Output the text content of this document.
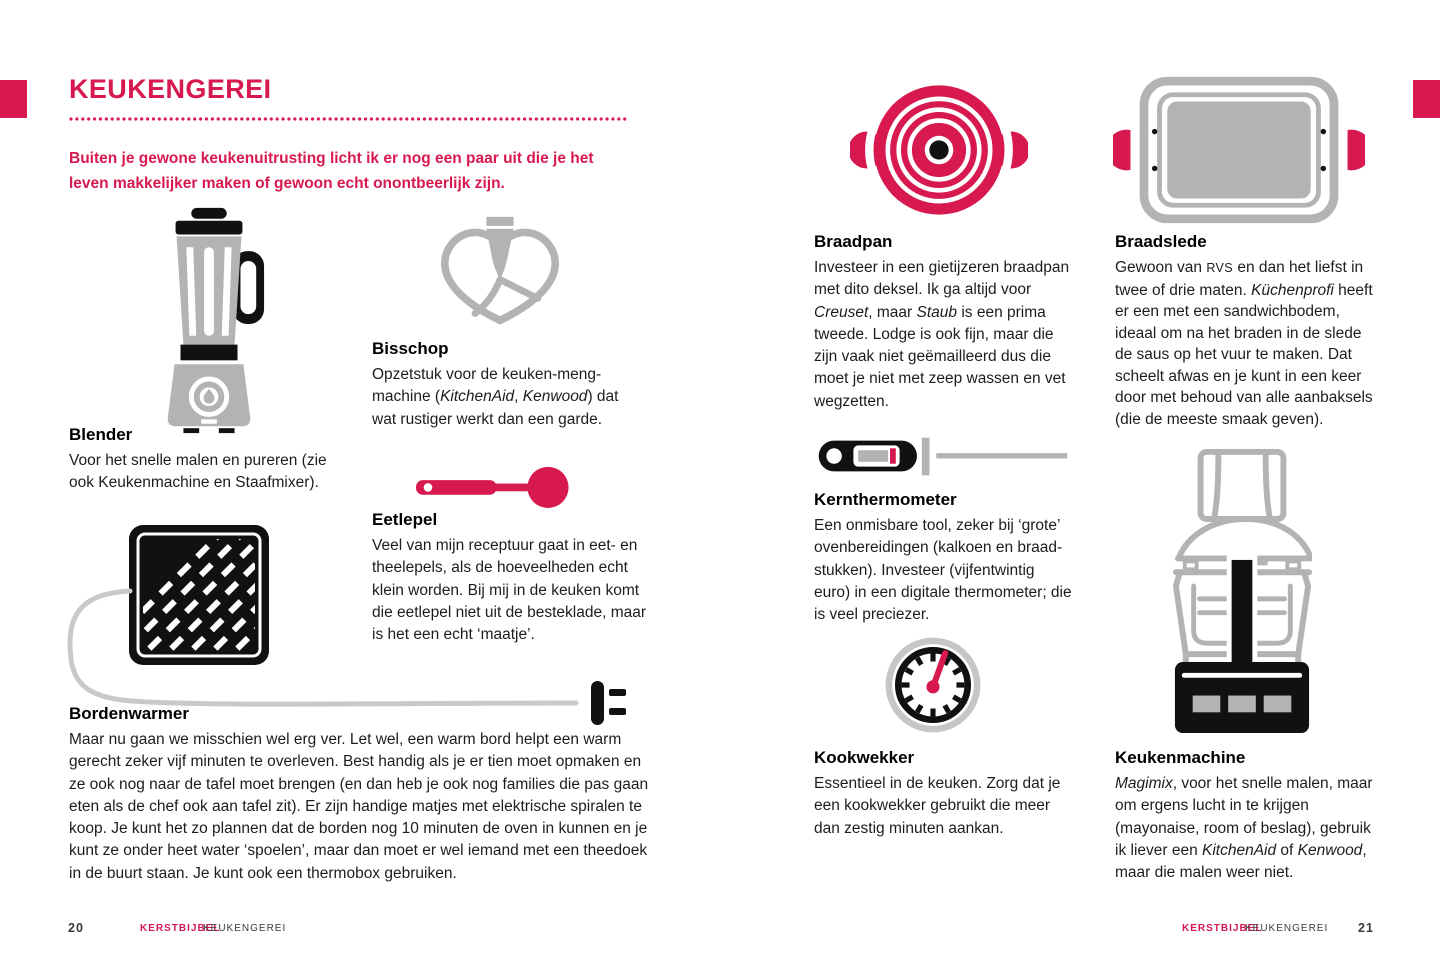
KEUKENGEREI
Buiten je gewone keukenuitrusting licht ik er nog een paar uit die je het leven makkelijker maken of gewoon echt onontbeerlijk zijn.
Blender
Voor het snelle malen en pureren (zie ook Keukenmachine en Staafmixer).
Bisschop
Opzetstuk voor de keuken-meng-machine (KitchenAid, Kenwood) dat wat rustiger werkt dan een garde.
Eetlepel
Veel van mijn receptuur gaat in eet- en theelepels, als de hoeveelheden echt klein worden. Bij mij in de keuken komt die eetlepel niet uit de besteklade, maar is het een echt ‘maatje’.
Bordenwarmer
Maar nu gaan we misschien wel erg ver. Let wel, een warm bord helpt een warm gerecht zeker vijf minuten te overleven. Best handig als je er tien moet opmaken en ze ook nog naar de tafel moet brengen (en dan heb je ook nog families die pas gaan eten als de chef ook aan tafel zit). Er zijn handige matjes met elektrische spiralen te koop. Je kunt het zo plannen dat de borden nog 10 minuten de oven in kunnen en je kunt ze onder heet water ‘spoelen’, maar dan moet er wel iemand met een theedoek in de buurt staan. Je kunt ook een thermobox gebruiken.
20	KERSTBIJBEL
KEUKENGEREI
Braadpan
Investeer in een gietijzeren braadpan met dito deksel. Ik ga altijd voor Creuset, maar Staub is een prima tweede. Lodge is ook fijn, maar die zijn vaak niet geëmailleerd dus die moet je niet met zeep wassen en vet wegzetten.
Braadslede
Gewoon van RVS en dan het liefst in twee of drie maten. Küchenprofi heeft er een met een sandwichbodem, ideaal om na het braden in de slede de saus op het vuur te maken. Dat scheelt afwas en je kunt in een keer door met behoud van alle aanbaksels (die de meeste smaak geven).
Kernthermometer
Een onmisbare tool, zeker bij ‘grote’ ovenbereidingen (kalkoen en braadstukken). Investeer (vijfentwintig euro) in een digitale thermometer; die is veel preciezer.
Kookwekker
Essentieel in de keuken. Zorg dat je een kookwekker gebruikt die meer dan zestig minuten aankan.
Keukenmachine
Magimix, voor het snelle malen, maar om ergens lucht in te krijgen (mayonaise, room of beslag), gebruik ik liever een KitchenAid of Kenwood, maar die malen weer niet.
KERSTBIJBEL
KEUKENGEREI 21
